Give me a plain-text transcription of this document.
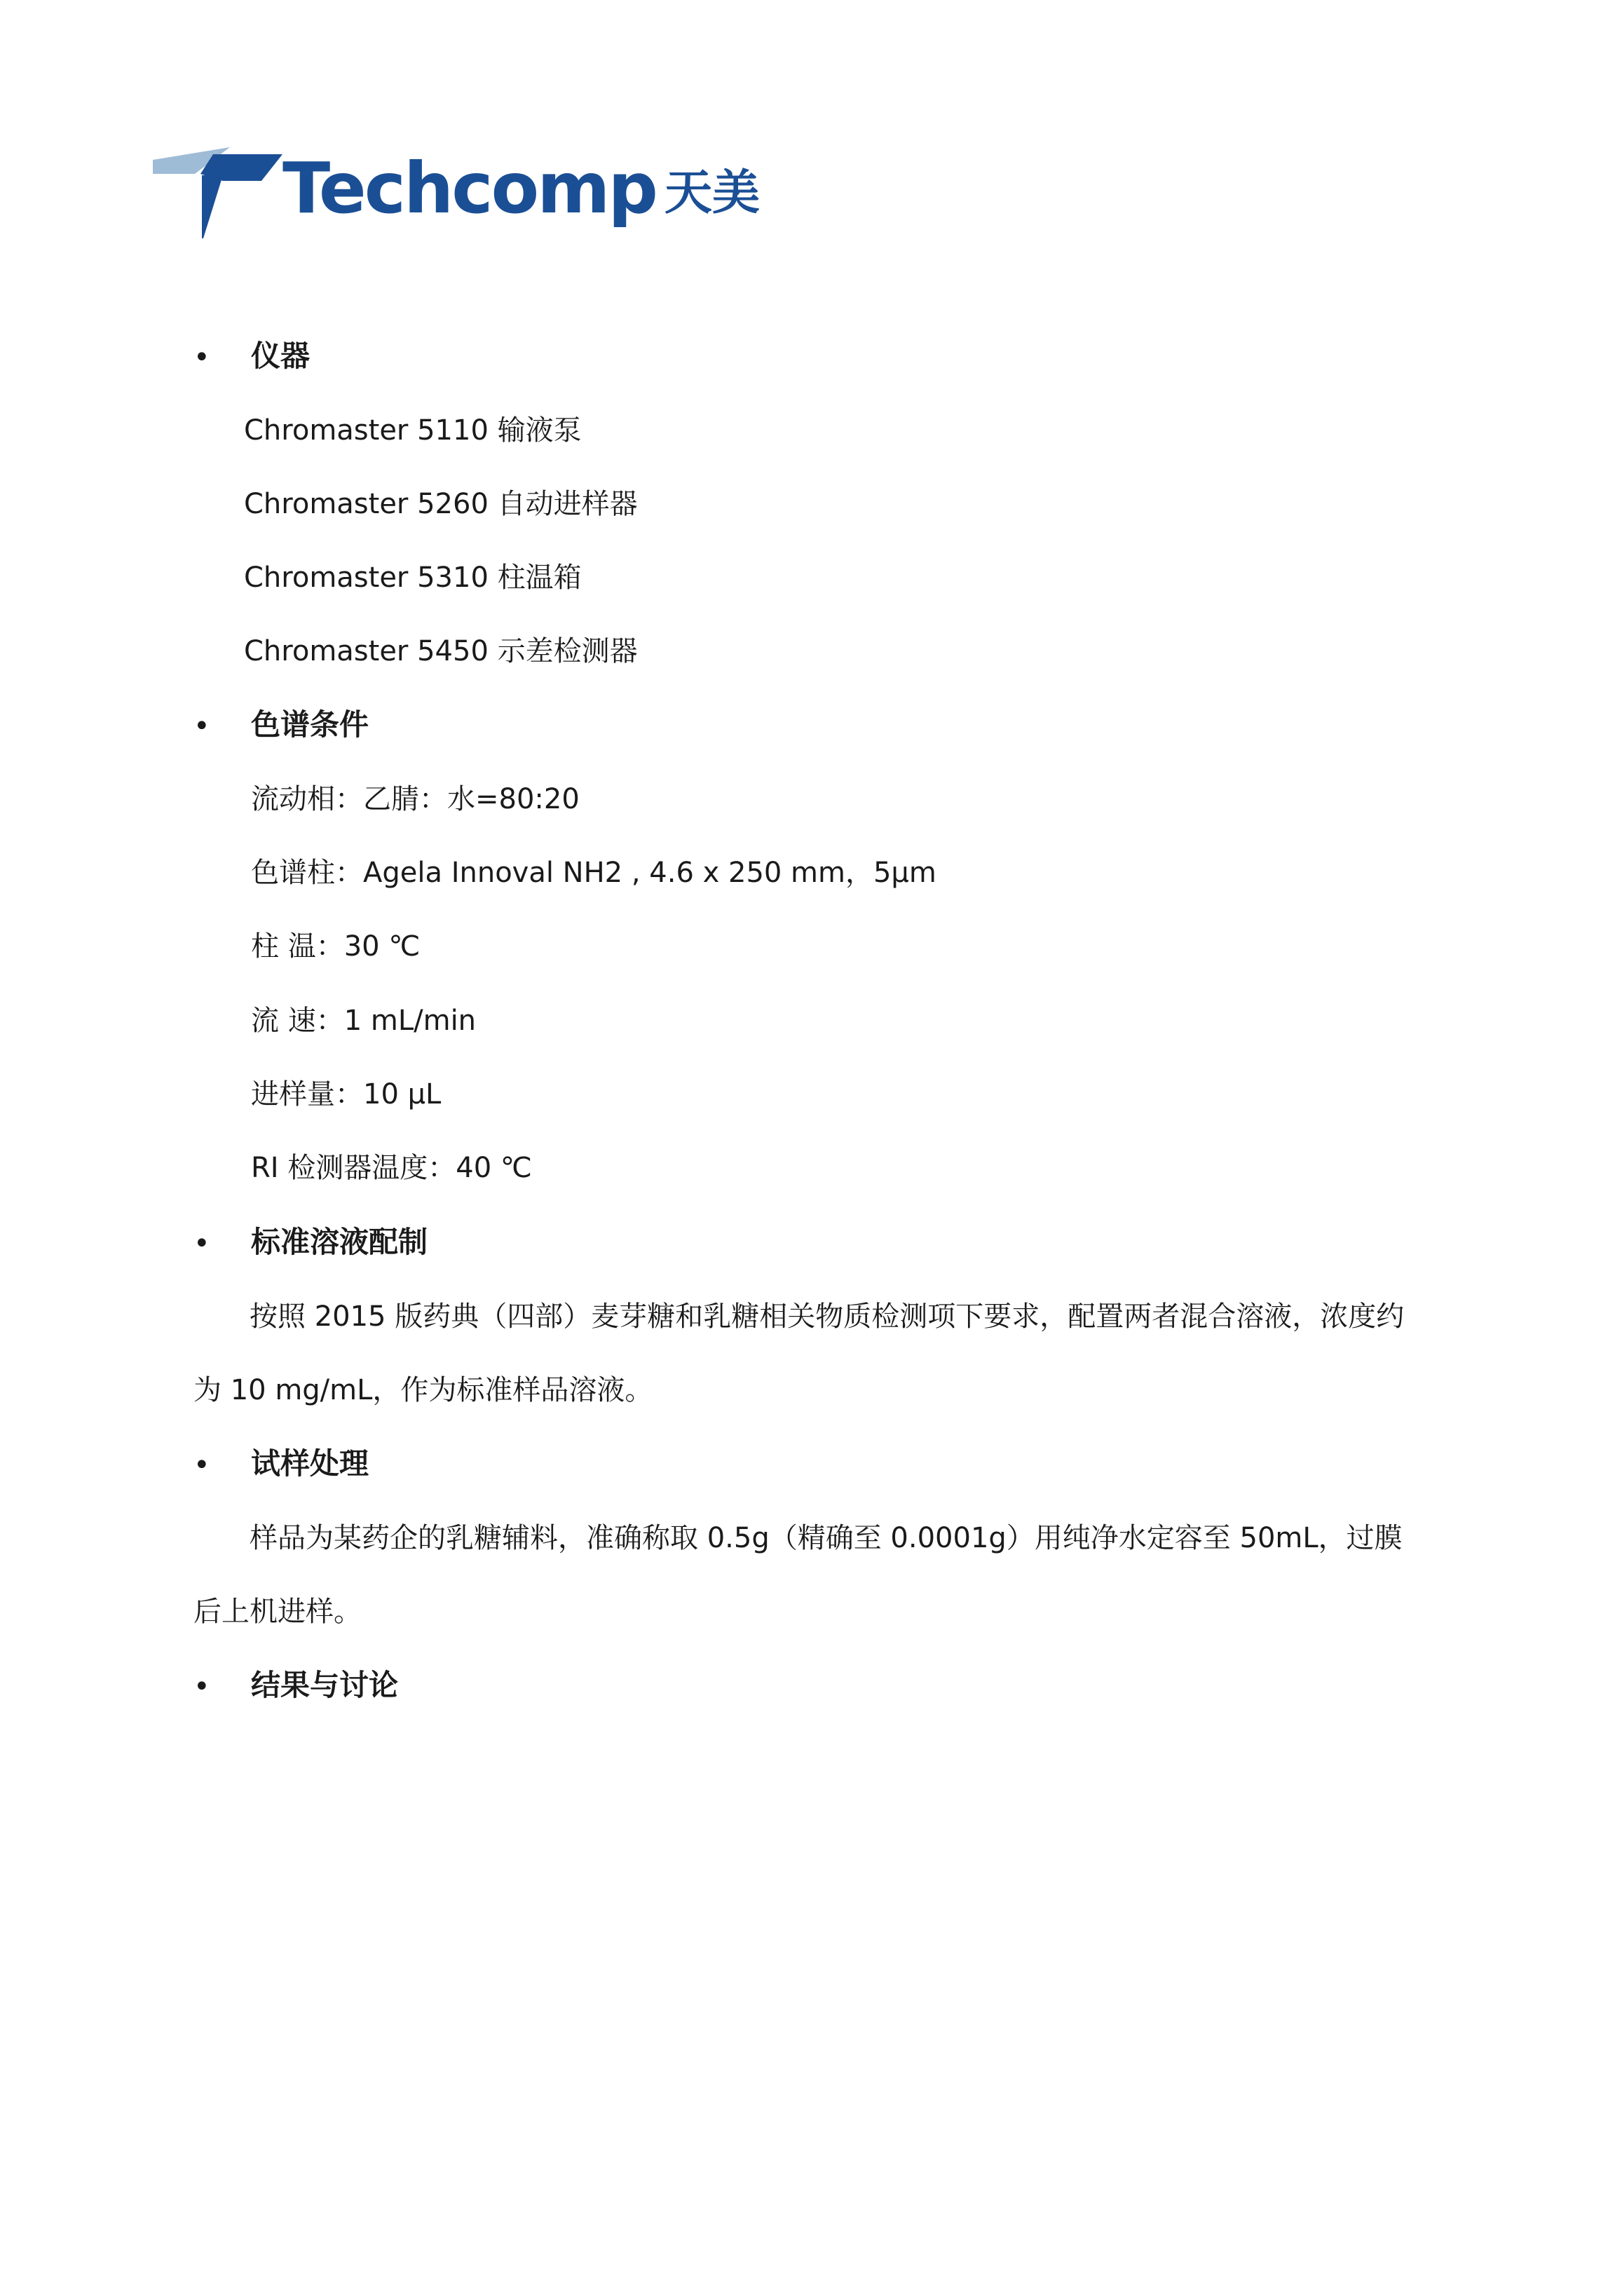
Techcomp 天美
• 仪器
Chromaster 5110 输液泵
Chromaster 5260 自动进样器
Chromaster 5310 柱温箱
Chromaster 5450 示差检测器
• 色谱条件
流动相：乙腈：水=80:20
色谱柱：Agela Innoval NH2 , 4.6 x 250 mm，5μm
柱 温：30 ℃
流 速：1 mL/min
进样量：10 μL
RI 检测器温度：40 ℃
• 标准溶液配制
按照 2015 版药典（四部）麦芽糖和乳糖相关物质检测项下要求，配置两者混合溶液，浓度约
为 10 mg/mL，作为标准样品溶液。
• 试样处理
样品为某药企的乳糖辅料，准确称取 0.5g（精确至 0.0001g）用纯净水定容至 50mL，过膜
后上机进样。
• 结果与讨论
